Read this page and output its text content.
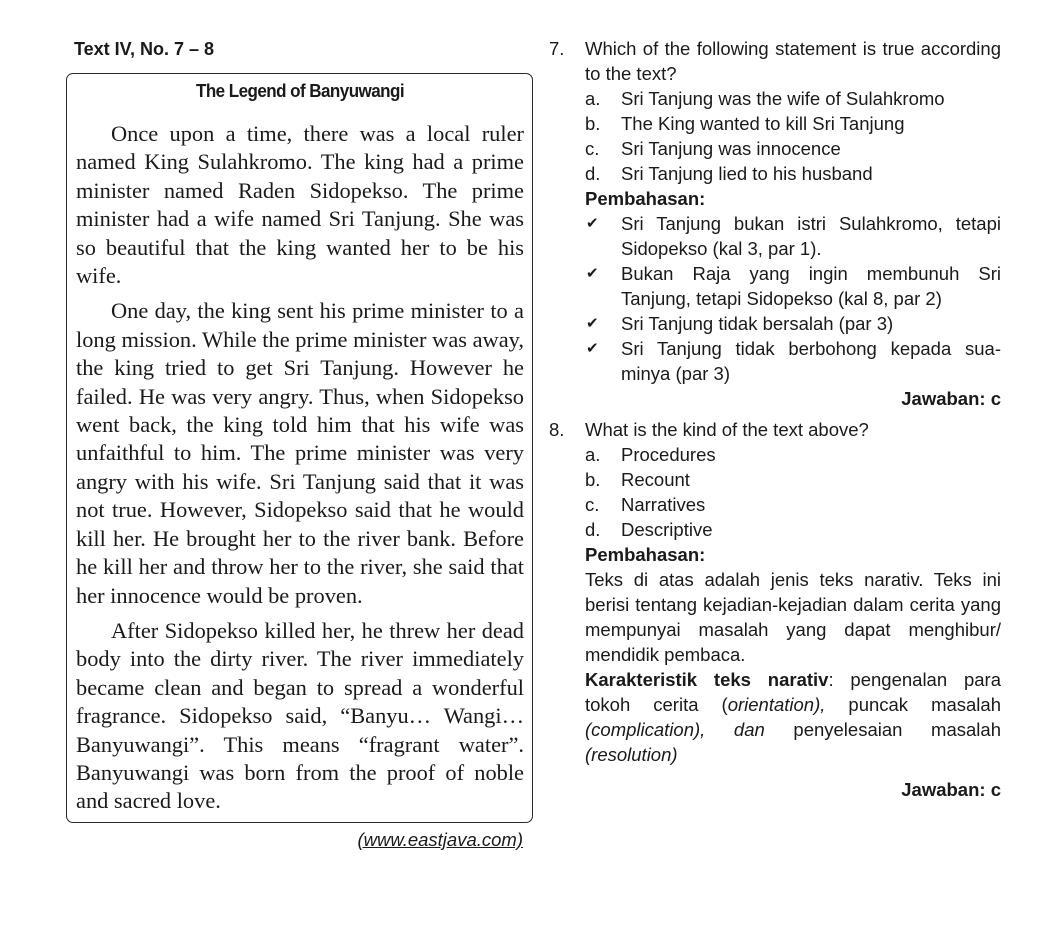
Text IV, No. 7 – 8
The Legend of Banyuwangi

Once upon a time, there was a local ruler named King Sulahkromo. The king had a prime minister named Raden Sidopekso. The prime minister had a wife named Sri Tanjung. She was so beautiful that the king wanted her to be his wife.

One day, the king sent his prime minister to a long mission. While the prime minister was away, the king tried to get Sri Tanjung. However he failed. He was very angry. Thus, when Sidopekso went back, the king told him that his wife was unfaithful to him. The prime minister was very angry with his wife. Sri Tanjung said that it was not true. However, Sidopekso said that he would kill her. He brought her to the river bank. Before he kill her and throw her to the river, she said that her innocence would be proven.

After Sidopekso killed her, he threw her dead body into the dirty river. The river immediately became clean and began to spread a wonderful fragrance. Sidopekso said, “Banyu… Wangi… Banyuwangi”. This means “fragrant water”. Banyuwangi was born from the proof of noble and sacred love.

(www.eastjava.com)
7.	Which of the following statement is true according to the text?
a.	Sri Tanjung was the wife of Sulahkromo
b.	The King wanted to kill Sri Tanjung
c.	Sri Tanjung was innocence
d.	Sri Tanjung lied to his husband
Pembahasan:
✔	Sri Tanjung bukan istri Sulahkromo, tetapi Sidopekso (kal 3, par 1).
✔	Bukan Raja yang ingin membunuh Sri Tanjung, tetapi Sidopekso (kal 8, par 2)
✔	Sri Tanjung tidak bersalah (par 3)
✔	Sri Tanjung tidak berbohong kepada suaminya (par 3)
Jawaban: c
8.	What is the kind of the text above?
a.	Procedures
b.	Recount
c.	Narratives
d.	Descriptive
Pembahasan:
Teks di atas adalah jenis teks narativ. Teks ini berisi tentang kejadian-kejadian dalam cerita yang mempunyai masalah yang dapat menghibur/ mendidik pembaca.
Karakteristik teks narativ: pengenalan para tokoh cerita (orientation), puncak masalah (complication), dan penyelesaian masalah (resolution)
Jawaban: c
